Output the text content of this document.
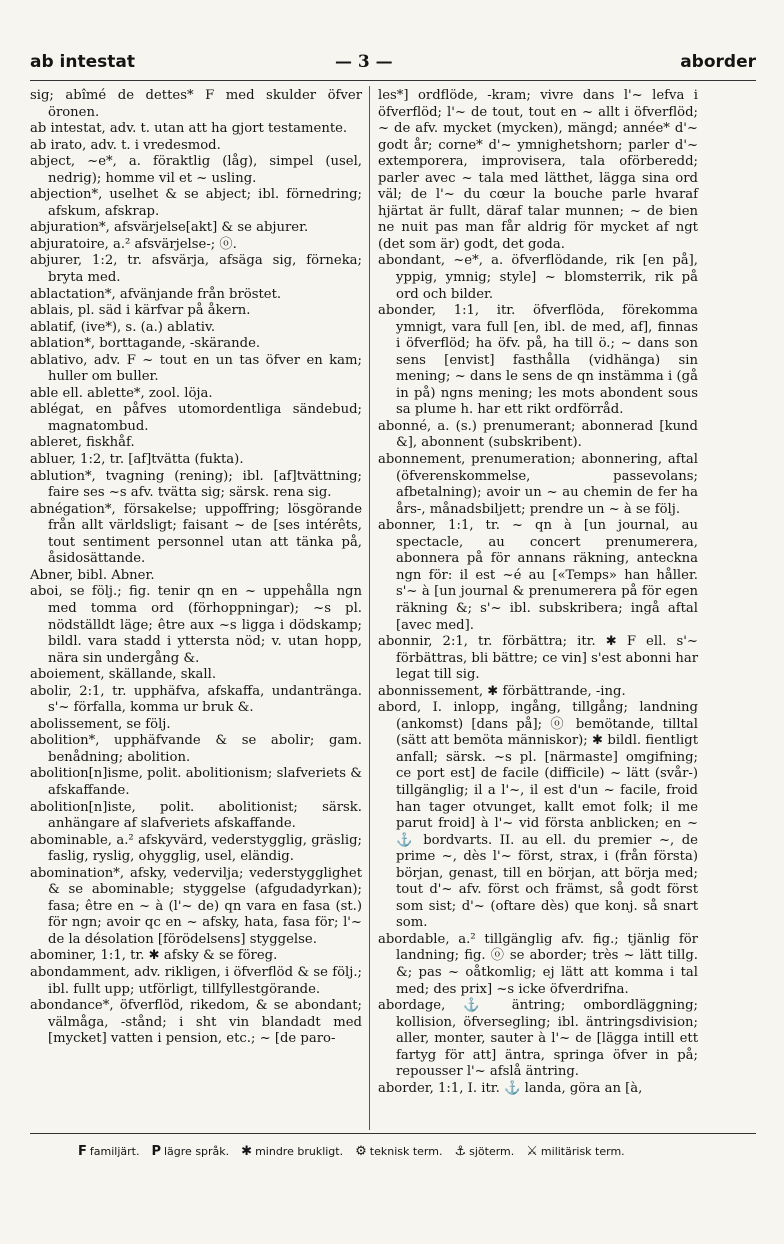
ab intestat	— 3 —	aborder

sig; abîmé de dettes* F med skulder öfver öronen.

ab intestat, adv. t. utan att ha gjort testamente.

ab irato, adv. t. i vredesmod.

abject, ~e*, a. föraktlig (låg), simpel (usel, nedrig); homme vil et ~ usling.

abjection*, uselhet & se abject; ibl. förnedring; afskum, afskrap.

abjuration*, afsvärjelse[akt] & se abjurer.

abjuratoire, a.² afsvärjelse-; ⓞ.

abjurer, 1:2, tr. afsvärja, afsäga sig, förneka; bryta med.

ablactation*, afvänjande från bröstet.

ablais, pl. säd i kärfvar på åkern.

ablatif, (ive*), s. (a.) ablativ.

ablation*, borttagande, -skärande.

ablativo, adv. F ~ tout en un tas öfver en kam; huller om buller.

able ell. ablette*, zool. löja.

ablégat, en påfves utomordentliga sändebud; magnatombud.

ableret, fiskhåf.

abluer, 1:2, tr. [af]tvätta (fukta).

ablution*, tvagning (rening); ibl. [af]tvättning; faire ses ~s afv. tvätta sig; särsk. rena sig.

abnégation*, försakelse; uppoffring; lösgörande från allt världsligt; faisant ~ de [ses intérêts, tout sentiment personnel utan att tänka på, åsidosättande.

Abner, bibl. Abner.

aboi, se följ.; fig. tenir qn en ~ uppehålla ngn med tomma ord (förhoppningar); ~s pl. nödställdt läge; être aux ~s ligga i dödskamp; bildl. vara stadd i yttersta nöd; v. utan hopp, nära sin undergång &.

aboiement, skällande, skall.

abolir, 2:1, tr. upphäfva, afskaffa, undantränga. s'~ förfalla, komma ur bruk &.

abolissement, se följ.

abolition*, upphäfvande & se abolir; gam. benådning; abolition.

abolition[n]isme, polit. abolitionism; slafveriets & afskaffande.

abolition[n]iste, polit. abolitionist; särsk. anhängare af slafveriets afskaffande.

abominable, a.² afskyvärd, vederstygglig, gräslig; faslig, ryslig, ohygglig, usel, eländig.

abomination*, afsky, vedervilja; vederstygglighet & se abominable; styggelse (afgudadyrkan); fasa; être en ~ à (l'~ de) qn vara en fasa (st.) för ngn; avoir qc en ~ afsky, hata, fasa för; l'~ de la désolation [förödelsens] styggelse.

abominer, 1:1, tr. ✱ afsky & se föreg.

abondamment, adv. rikligen, i öfverflöd & se följ.; ibl. fullt upp; utförligt, tillfyllestgörande.

abondance*, öfverflöd, rikedom, & se abondant; välmåga, -stånd; i sht vin blandadt med [mycket] vatten i pension, etc.; ~ [de paro-

les*] ordflöde, -kram; vivre dans l'~ lefva i öfverflöd; l'~ de tout, tout en ~ allt i öfverflöd; ~ de afv. mycket (mycken), mängd; année* d'~ godt år; corne* d'~ ymnighetshorn; parler d'~ extemporera, improvisera, tala oförberedd; parler avec ~ tala med lätthet, lägga sina ord väl; de l'~ du cœur la bouche parle hvaraf hjärtat är fullt, däraf talar munnen; ~ de bien ne nuit pas man får aldrig för mycket af ngt (det som är) godt, det goda.

abondant, ~e*, a. öfverflödande, rik [en på], yppig, ymnig; style] ~ blomsterrik, rik på ord och bilder.

abonder, 1:1, itr. öfverflöda, förekomma ymnigt, vara full [en, ibl. de med, af], finnas i öfverflöd; ha öfv. på, ha till ö.; ~ dans son sens [envist] fasthålla (vidhänga) sin mening; ~ dans le sens de qn instämma i (gå in på) ngns mening; les mots abondent sous sa plume h. har ett rikt ordförråd.

abonné, a. (s.) prenumerant; abonnerad [kund &], abonnent (subskribent).

abonnement, prenumeration; abonnering, aftal (öfverenskommelse, passevolans; afbetalning); avoir un ~ au chemin de fer ha års-, månadsbiljett; prendre un ~ à se följ.

abonner, 1:1, tr. ~ qn à [un journal, au spectacle, au concert prenumerera, abonnera på för annans räkning, anteckna ngn för: il est ~é au [«Temps» han håller. s'~ à [un journal & prenumerera på för egen räkning &; s'~ ibl. subskribera; ingå aftal [avec med].

abonnir, 2:1, tr. förbättra; itr. ✱ F ell. s'~ förbättras, bli bättre; ce vin] s'est abonni har legat till sig.

abonnissement, ✱ förbättrande, -ing.

abord, I. inlopp, ingång, tillgång; landning (ankomst) [dans på]; ⓞ bemötande, tilltal (sätt att bemöta människor); ✱ bildl. fientligt anfall; särsk. ~s pl. [närmaste] omgifning; ce port est] de facile (difficile) ~ lätt (svår-) tillgänglig; il a l'~, il est d'un ~ facile, froid han tager otvunget, kallt emot folk; il me parut froid] à l'~ vid första anblicken; en ~ ⚓ bordvarts. II. au ell. du premier ~, de prime ~, dès l'~ först, strax, i (från första) början, genast, till en början, att börja med; tout d'~ afv. först och främst, så godt först som sist; d'~ (oftare dès) que konj. så snart som.

abordable, a.² tillgänglig afv. fig.; tjänlig för landning; fig. ⓞ se aborder; très ~ lätt tillg. &; pas ~ oåtkomlig; ej lätt att komma i tal med; des prix] ~s icke öfverdrifna.

abordage, ⚓ äntring; ombordläggning; kollision, öfversegling; ibl. äntringsdivision; aller, monter, sauter à l'~ de [lägga intill ett fartyg för att] äntra, springa öfver in på; repousser l'~ afslå äntring.

aborder, 1:1, I. itr. ⚓ landa, göra an [à,

F familjärt. P lägre språk. ✱ mindre brukligt. ⚙ teknisk term. ⚓ sjöterm. ⚔ militärisk term.
